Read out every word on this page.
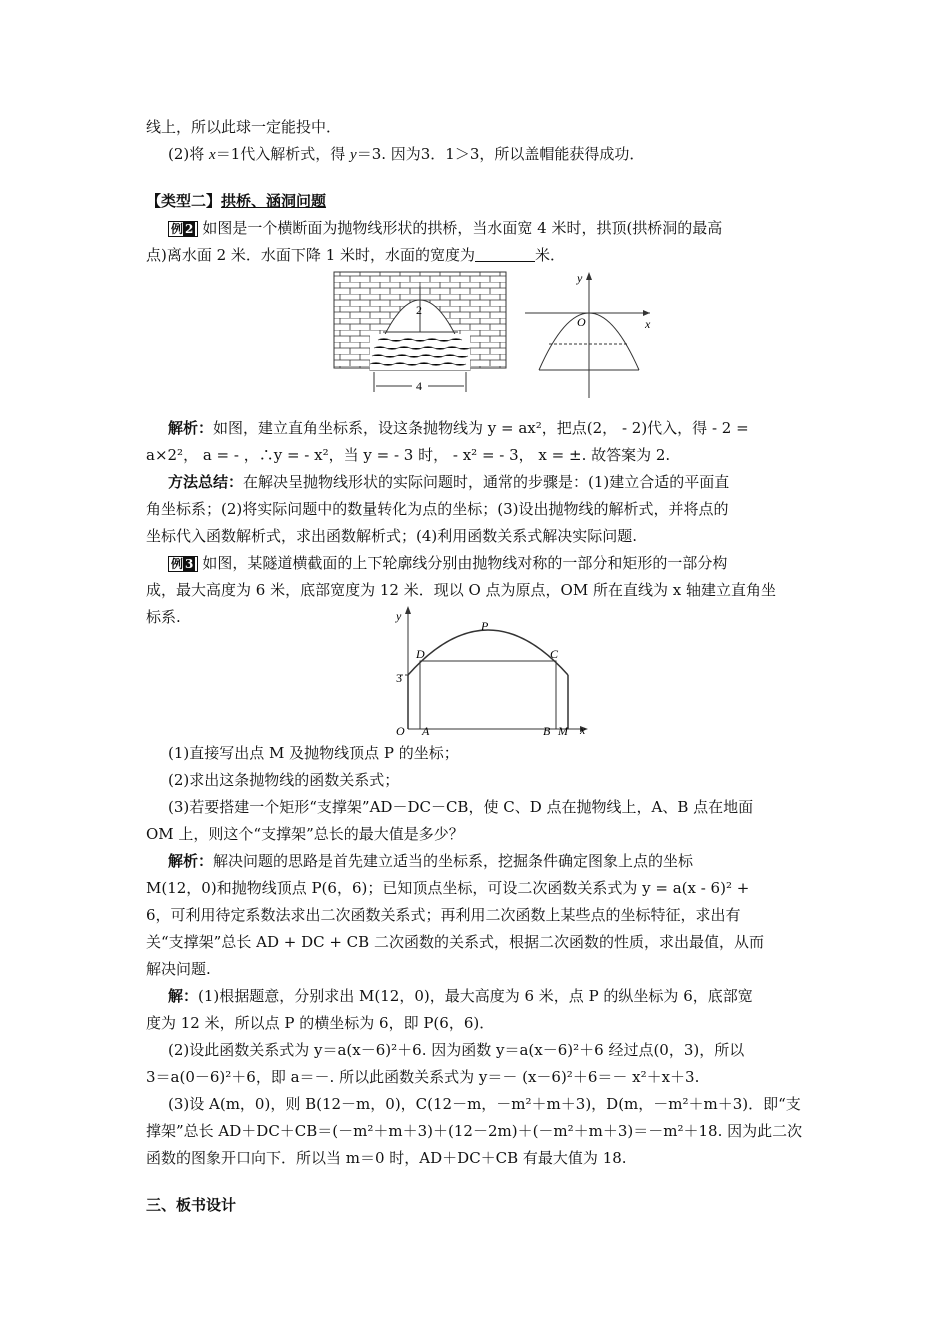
线上，所以此球一定能投中．
(2)将 x＝1代入解析式，得 y＝3. 因为3．1＞3，所以盖帽能获得成功．
【类型二】拱桥、涵洞问题
例 2 如图是一个横断面为抛物线形状的拱桥，当水面宽 4 米时，拱顶(拱桥洞的最高
点)离水面 2 米．水面下降 1 米时，水面的宽度为	米．
2
4
y
x
O
解析：如图，建立直角坐标系，设这条抛物线为 y = ax²，把点(2， - 2)代入，得 - 2 =
a×2²， a = - ，∴y = - x²，当 y = - 3 时， - x² = - 3， x = ±. 故答案为 2.
方法总结：在解决呈抛物线形状的实际问题时，通常的步骤是：(1)建立合适的平面直
角坐标系；(2)将实际问题中的数量转化为点的坐标；(3)设出抛物线的解析式，并将点的
坐标代入函数解析式，求出函数解析式；(4)利用函数关系式解决实际问题.
例 3 如图，某隧道横截面的上下轮廓线分别由抛物线对称的一部分和矩形的一部分构
成，最大高度为 6 米，底部宽度为 12 米．现以 O 点为原点，OM 所在直线为 x 轴建立直角坐
标系.	y
x
O
3
P
D	C
A	B M
(1)直接写出点 M 及抛物线顶点 P 的坐标；
(2)求出这条抛物线的函数关系式；
(3)若要搭建一个矩形“支撑架”AD－DC－CB，使 C、D 点在抛物线上，A、B 点在地面
OM 上，则这个“支撑架”总长的最大值是多少？
解析：解决问题的思路是首先建立适当的坐标系，挖掘条件确定图象上点的坐标
M(12，0)和抛物线顶点 P(6，6)；已知顶点坐标，可设二次函数关系式为 y = a(x - 6)² +
6，可利用待定系数法求出二次函数关系式；再利用二次函数上某些点的坐标特征，求出有
关“支撑架”总长 AD + DC + CB 二次函数的关系式，根据二次函数的性质，求出最值，从而
解决问题.
解：(1)根据题意，分别求出 M(12，0)，最大高度为 6 米，点 P 的纵坐标为 6，底部宽
度为 12 米，所以点 P 的横坐标为 6，即 P(6，6)．
(2)设此函数关系式为 y＝a(x－6)²＋6. 因为函数 y＝a(x－6)²＋6 经过点(0，3)，所以
3＝a(0－6)²＋6，即 a＝－. 所以此函数关系式为 y＝－ (x－6)²＋6＝－ x²＋x＋3.
(3)设 A(m，0)，则 B(12－m，0)，C(12－m，－m²＋m＋3)，D(m，－m²＋m＋3)．即“支
撑架”总长 AD＋DC＋CB＝(－m²＋m＋3)＋(12－2m)＋(－m²＋m＋3)＝－m²＋18. 因为此二次
函数的图象开口向下．所以当 m＝0 时，AD＋DC＋CB 有最大值为 18.
三、板书设计
